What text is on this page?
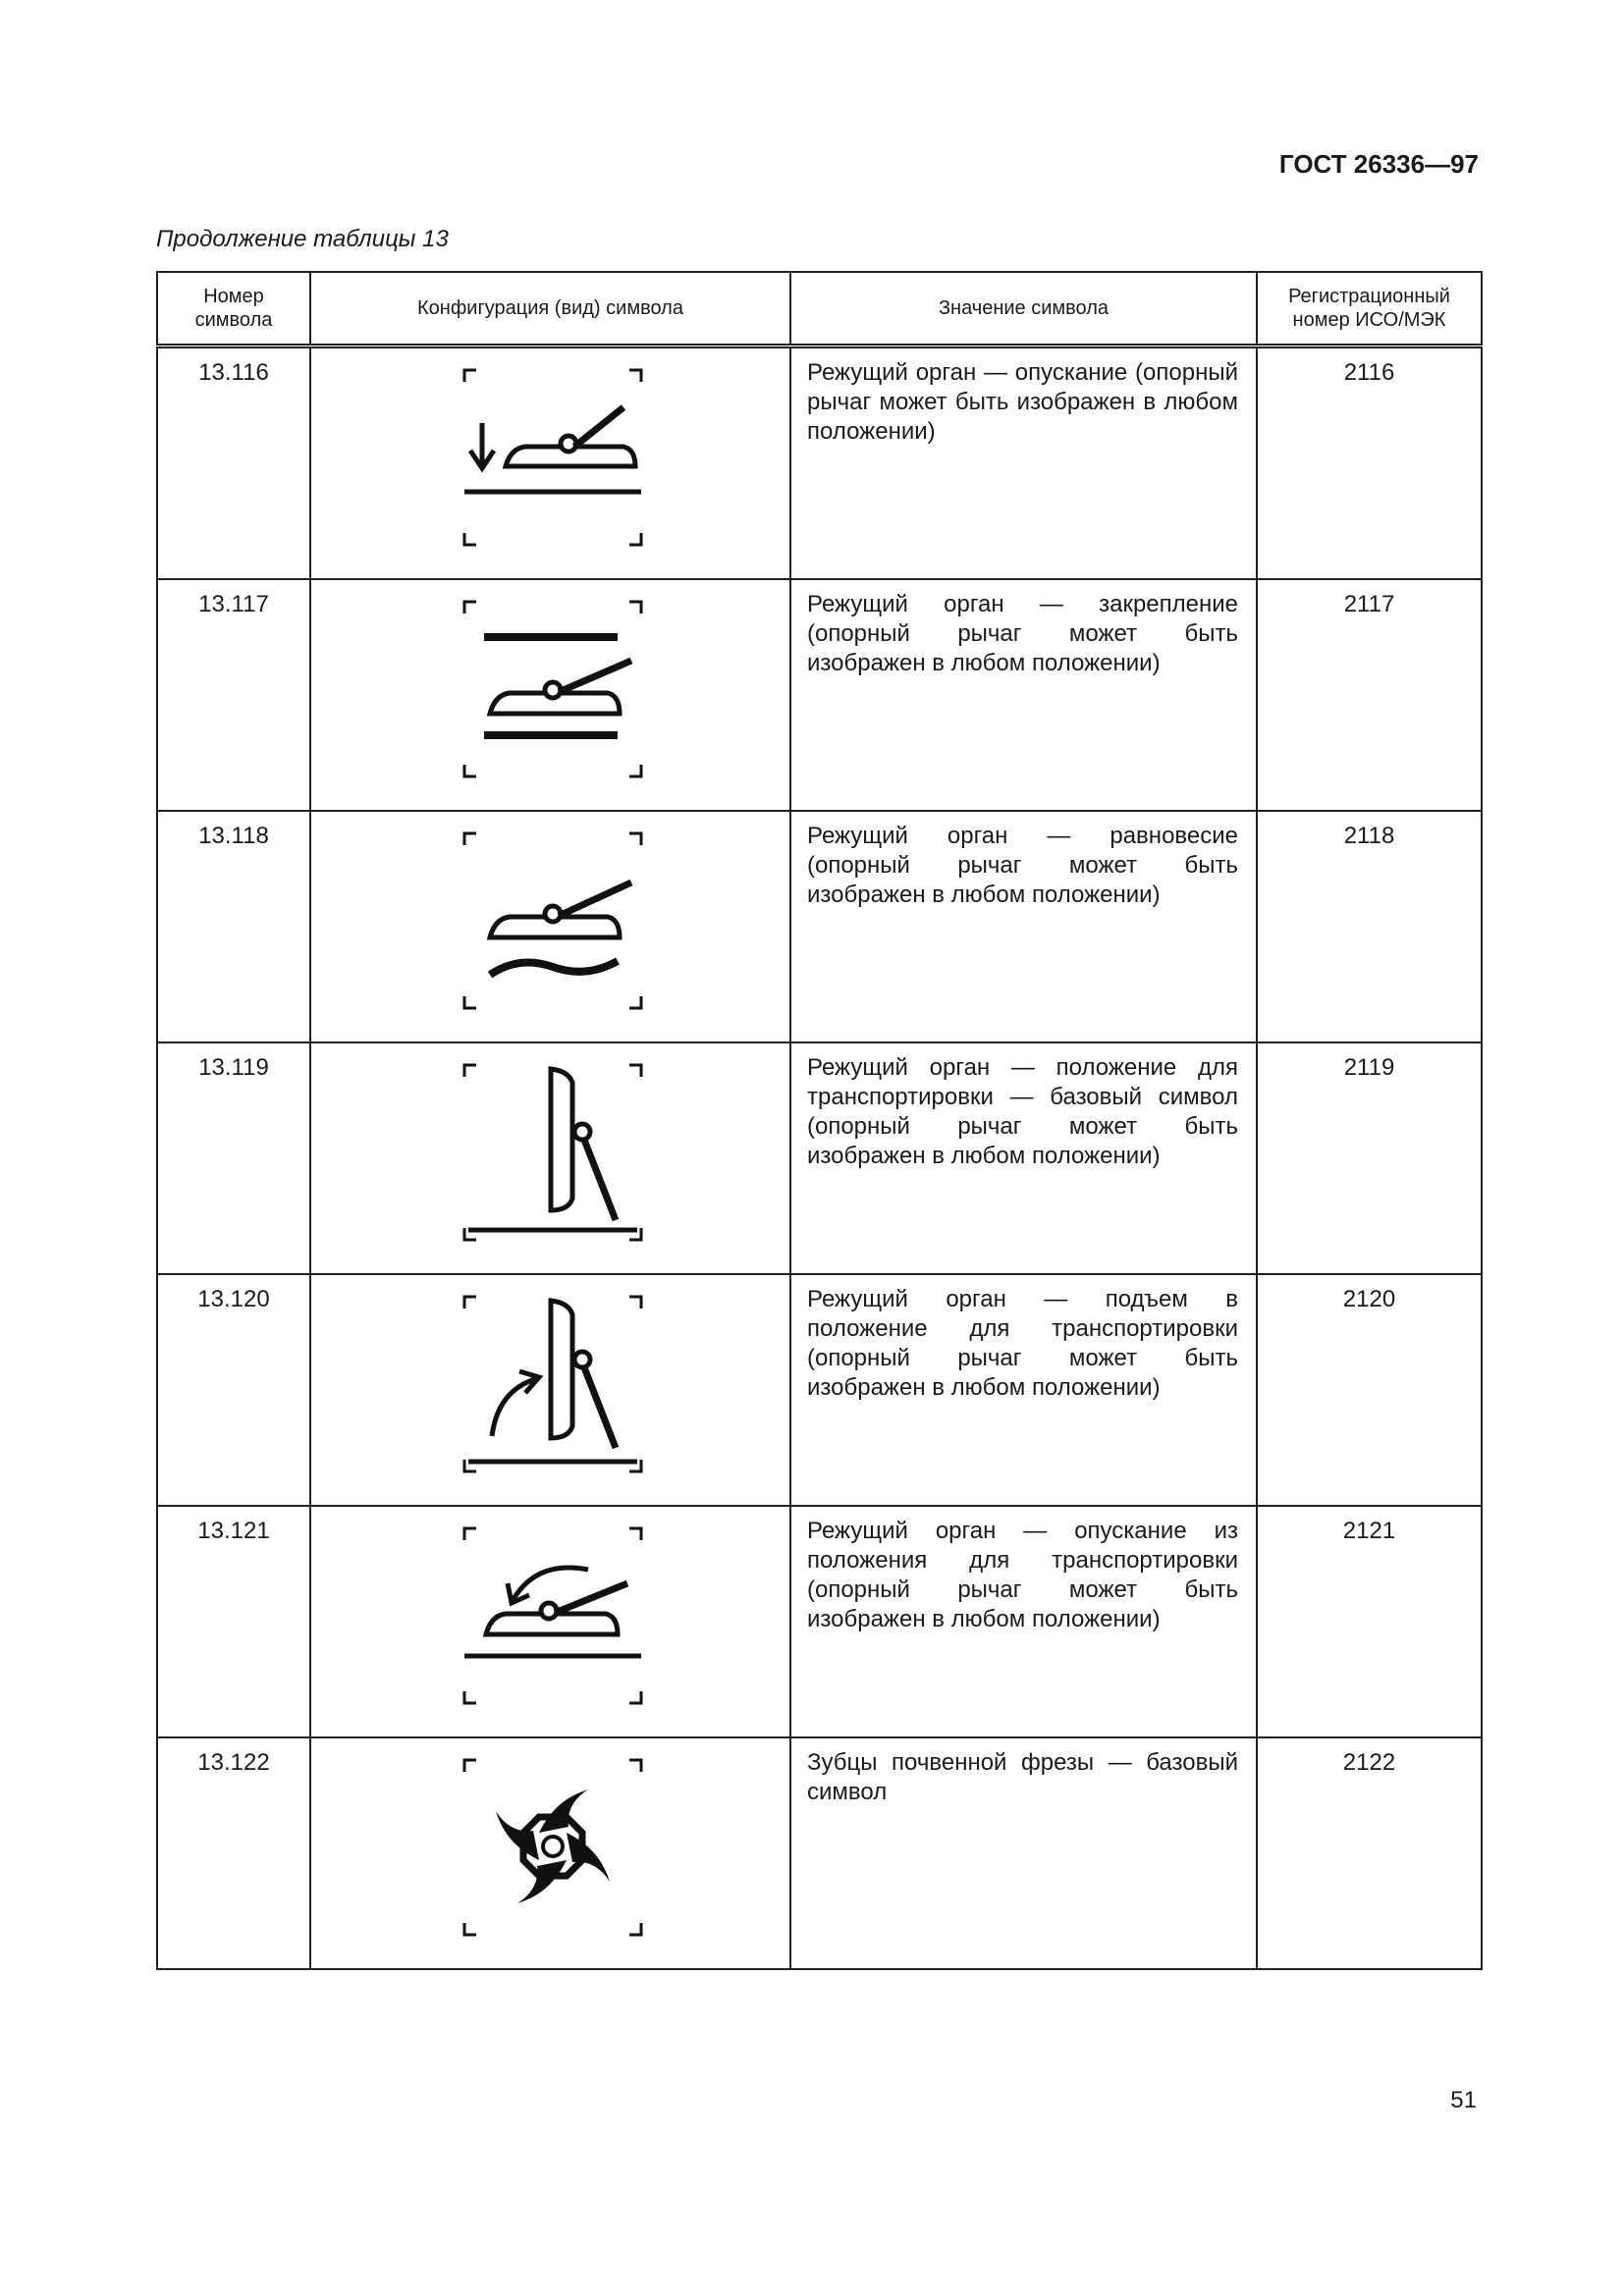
ГОСТ 26336—97
Продолжение таблицы 13
Номер символа	Конфигурация (вид) символа	Значение символа	Регистрационный номер ИСО/МЭК
13.116		Режущий орган — опускание (опорный рычаг может быть изображен в любом положении)	2116
13.117		Режущий орган — закрепление (опорный рычаг может быть изображен в любом положении)	2117
13.118		Режущий орган — равновесие (опорный рычаг может быть изображен в любом положении)	2118
13.119		Режущий орган — положение для транспортировки — базовый символ (опорный рычаг может быть изображен в любом положении)	2119
13.120		Режущий орган — подъем в положение для транспортировки (опорный рычаг может быть изображен в любом положении)	2120
13.121		Режущий орган — опускание из положения для транспортировки (опорный рычаг может быть изображен в любом положении)	2121
13.122		Зубцы почвенной фрезы — базовый символ	2122
51
